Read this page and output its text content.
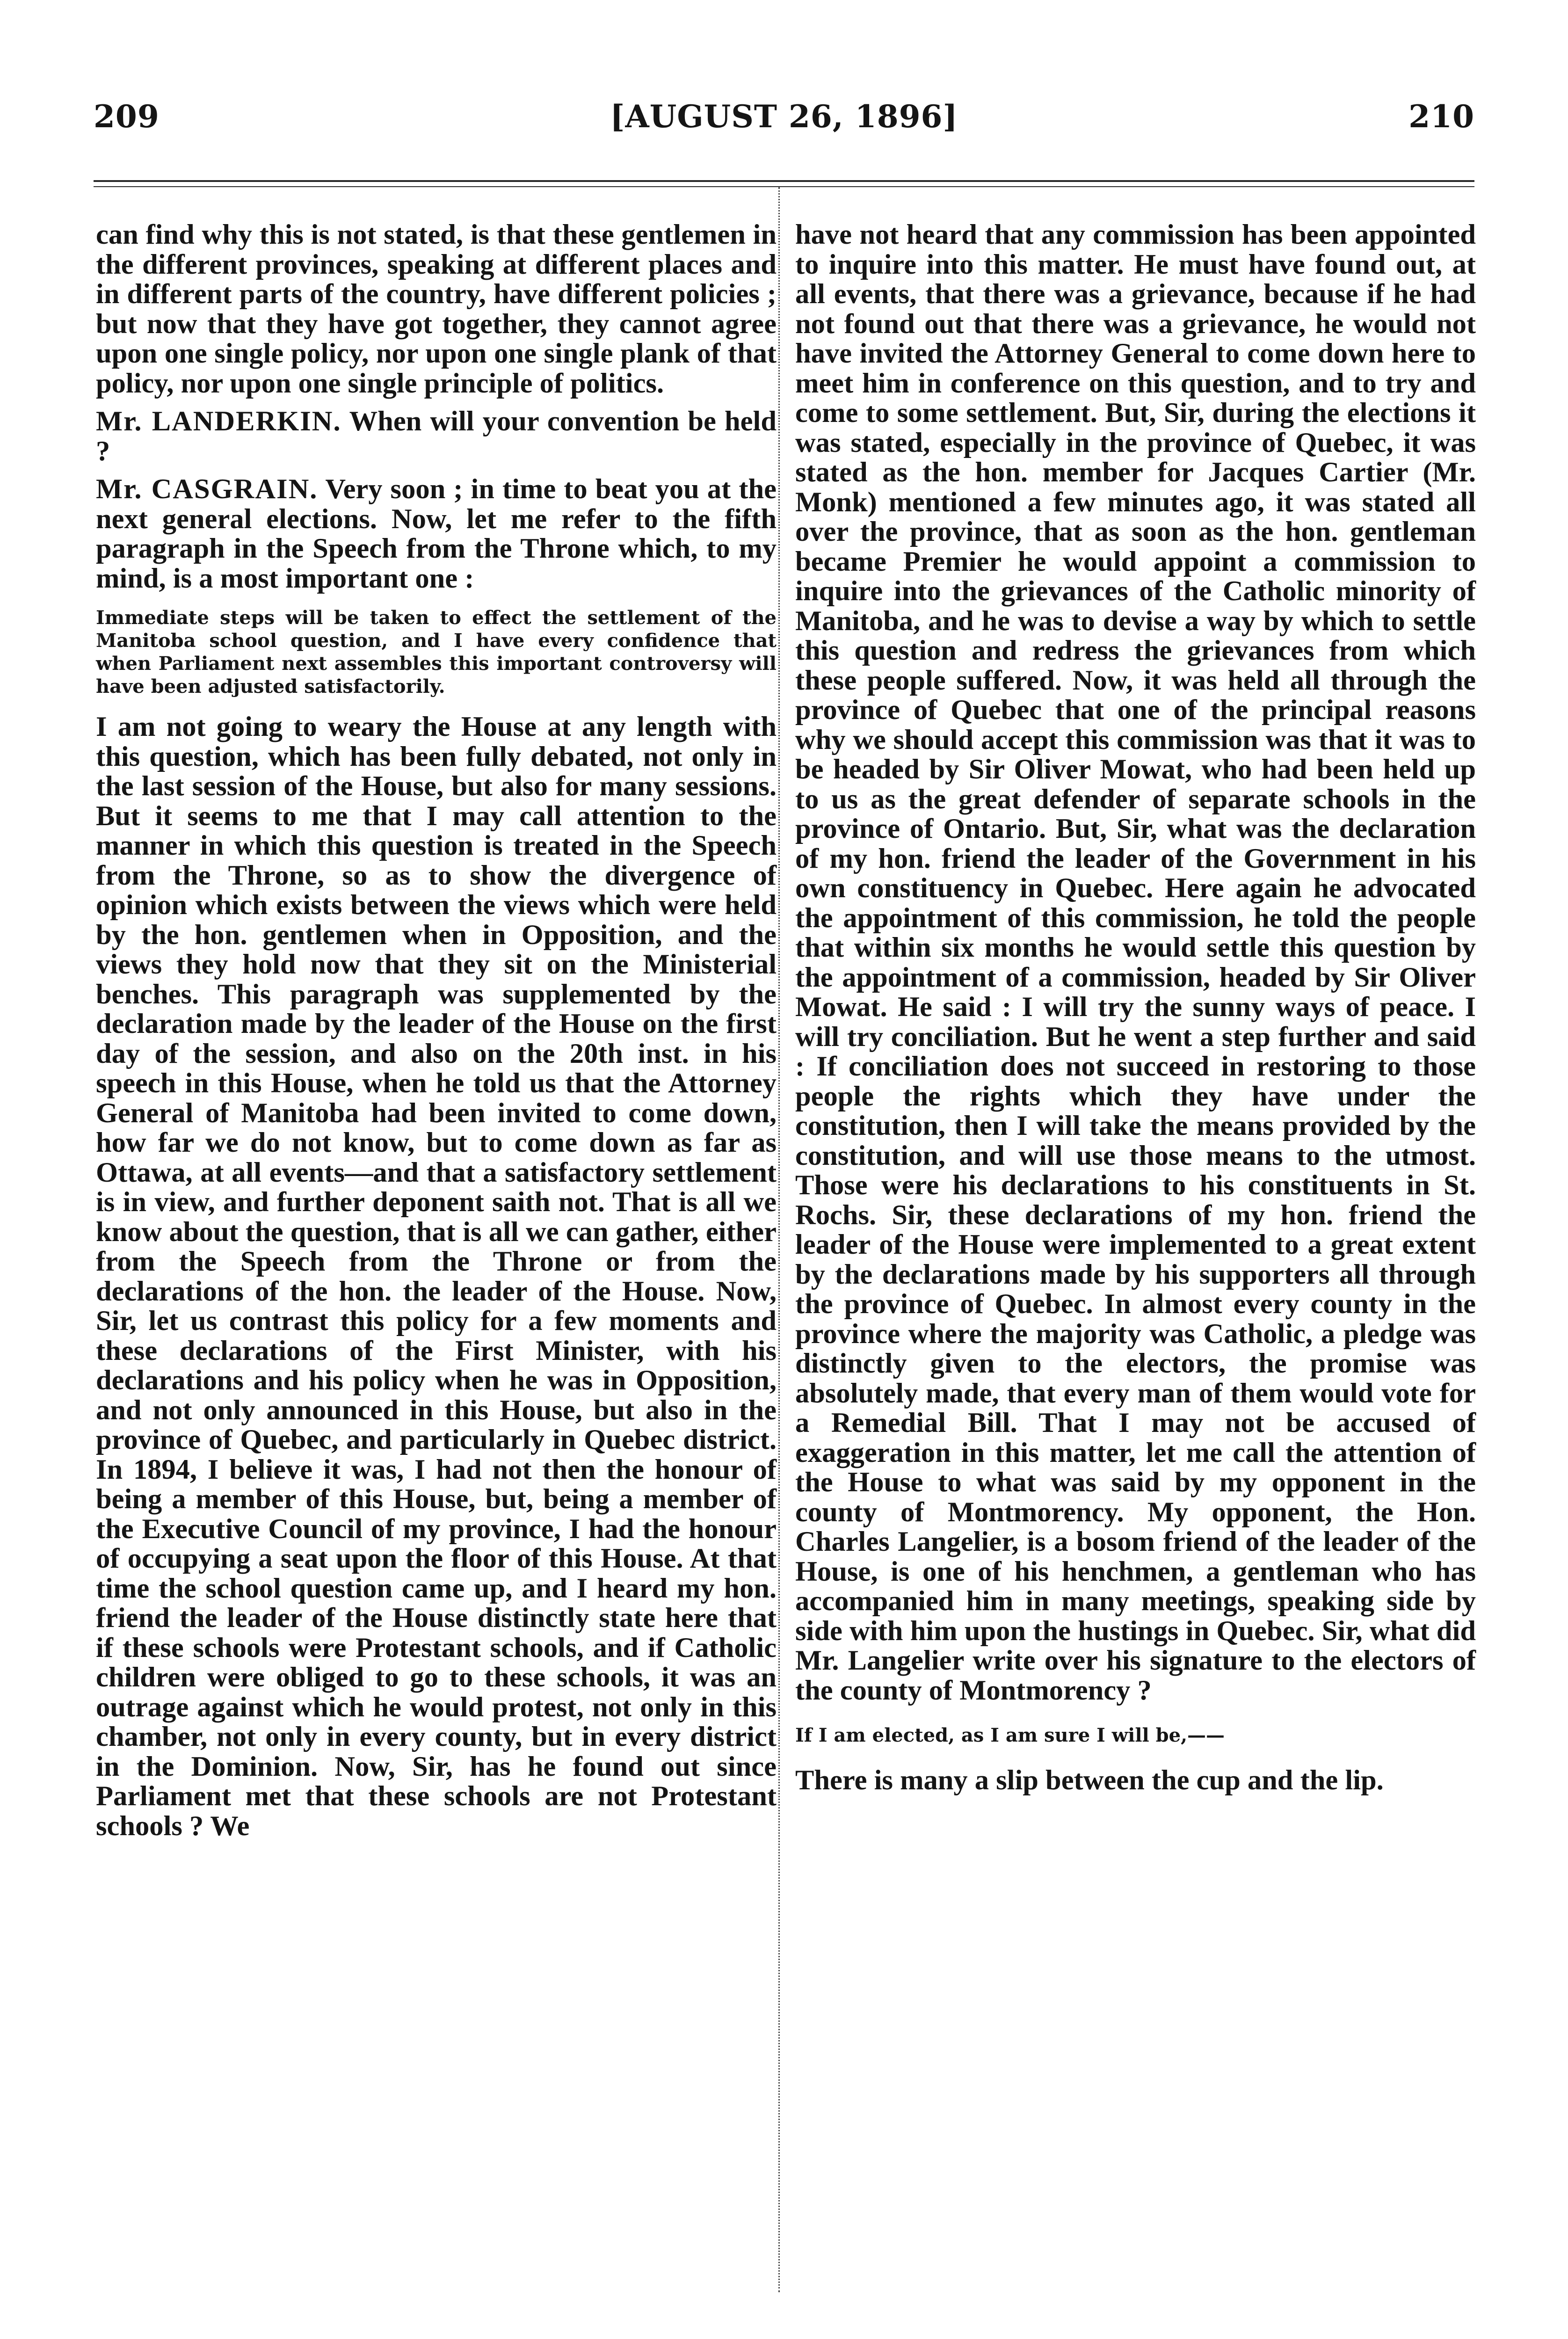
209	[AUGUST 26, 1896]	210

can find why this is not stated, is that these gentlemen in the different provinces, speaking at different places and in different parts of the country, have different policies ; but now that they have got together, they cannot agree upon one single policy, nor upon one single plank of that policy, nor upon one single principle of politics.

Mr. LANDERKIN. When will your convention be held ?

Mr. CASGRAIN. Very soon ; in time to beat you at the next general elections. Now, let me refer to the fifth paragraph in the Speech from the Throne which, to my mind, is a most important one :

Immediate steps will be taken to effect the settlement of the Manitoba school question, and I have every confidence that when Parliament next assembles this important controversy will have been adjusted satisfactorily.

I am not going to weary the House at any length with this question, which has been fully debated, not only in the last session of the House, but also for many sessions. But it seems to me that I may call attention to the manner in which this question is treated in the Speech from the Throne, so as to show the divergence of opinion which exists between the views which were held by the hon. gentlemen when in Opposition, and the views they hold now that they sit on the Ministerial benches. This paragraph was supplemented by the declaration made by the leader of the House on the first day of the session, and also on the 20th inst. in his speech in this House, when he told us that the Attorney General of Manitoba had been invited to come down, how far we do not know, but to come down as far as Ottawa, at all events—and that a satisfactory settlement is in view, and further deponent saith not. That is all we know about the question, that is all we can gather, either from the Speech from the Throne or from the declarations of the hon. the leader of the House. Now, Sir, let us contrast this policy for a few moments and these declarations of the First Minister, with his declarations and his policy when he was in Opposition, and not only announced in this House, but also in the province of Quebec, and particularly in Quebec district. In 1894, I believe it was, I had not then the honour of being a member of this House, but, being a member of the Executive Council of my province, I had the honour of occupying a seat upon the floor of this House. At that time the school question came up, and I heard my hon. friend the leader of the House distinctly state here that if these schools were Protestant schools, and if Catholic children were obliged to go to these schools, it was an outrage against which he would protest, not only in this chamber, not only in every county, but in every district in the Dominion. Now, Sir, has he found out since Parliament met that these schools are not Protestant schools ? We

have not heard that any commission has been appointed to inquire into this matter. He must have found out, at all events, that there was a grievance, because if he had not found out that there was a grievance, he would not have invited the Attorney General to come down here to meet him in conference on this question, and to try and come to some settlement. But, Sir, during the elections it was stated, especially in the province of Quebec, it was stated as the hon. member for Jacques Cartier (Mr. Monk) mentioned a few minutes ago, it was stated all over the province, that as soon as the hon. gentleman became Premier he would appoint a commission to inquire into the grievances of the Catholic minority of Manitoba, and he was to devise a way by which to settle this question and redress the grievances from which these people suffered. Now, it was held all through the province of Quebec that one of the principal reasons why we should accept this commission was that it was to be headed by Sir Oliver Mowat, who had been held up to us as the great defender of separate schools in the province of Ontario. But, Sir, what was the declaration of my hon. friend the leader of the Government in his own constituency in Quebec. Here again he advocated the appointment of this commission, he told the people that within six months he would settle this question by the appointment of a commission, headed by Sir Oliver Mowat. He said : I will try the sunny ways of peace. I will try conciliation. But he went a step further and said : If conciliation does not succeed in restoring to those people the rights which they have under the constitution, then I will take the means provided by the constitution, and will use those means to the utmost. Those were his declarations to his constituents in St. Rochs. Sir, these declarations of my hon. friend the leader of the House were implemented to a great extent by the declarations made by his supporters all through the province of Quebec. In almost every county in the province where the majority was Catholic, a pledge was distinctly given to the electors, the promise was absolutely made, that every man of them would vote for a Remedial Bill. That I may not be accused of exaggeration in this matter, let me call the attention of the House to what was said by my opponent in the county of Montmorency. My opponent, the Hon. Charles Langelier, is a bosom friend of the leader of the House, is one of his henchmen, a gentleman who has accompanied him in many meetings, speaking side by side with him upon the hustings in Quebec. Sir, what did Mr. Langelier write over his signature to the electors of the county of Montmorency ?

If I am elected, as I am sure I will be,——

There is many a slip between the cup and the lip.
